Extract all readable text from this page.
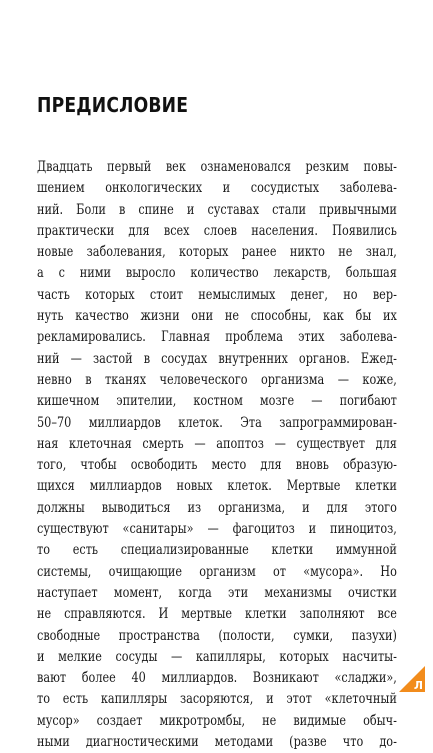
ПРЕДИСЛОВИЕ
Двадцать первый век ознаменовался резким повы-
шением онкологических и сосудистых заболева-
ний. Боли в спине и суставах стали привычными
практически для всех слоев населения. Появились
новые заболевания, которых ранее никто не знал,
а с ними выросло количество лекарств, большая
часть которых стоит немыслимых денег, но вер-
нуть качество жизни они не способны, как бы их
рекламировались. Главная проблема этих заболева-
ний — застой в сосудах внутренних органов. Ежед-
невно в тканях человеческого организма — коже,
кишечном эпителии, костном мозге — погибают
50–70 миллиардов клеток. Эта запрограммирован-
ная клеточная смерть — апоптоз — существует для
того, чтобы освободить место для вновь образую-
щихся миллиардов новых клеток. Мертвые клетки
должны выводиться из организма, и для этого
существуют «санитары» — фагоцитоз и пиноцитоз,
то есть специализированные клетки иммунной
системы, очищающие организм от «мусора». Но
наступает момент, когда эти механизмы очистки
не справляются. И мертвые клетки заполняют все
свободные пространства (полости, сумки, пазухи)
и мелкие сосуды — капилляры, которых насчиты-
вают более 40 миллиардов. Возникают «сладжи»,
то есть капилляры засоряются, и этот «клеточный
мусор» создает микротромбы, не видимые обыч-
ными диагностическими методами (разве что до-
Л
